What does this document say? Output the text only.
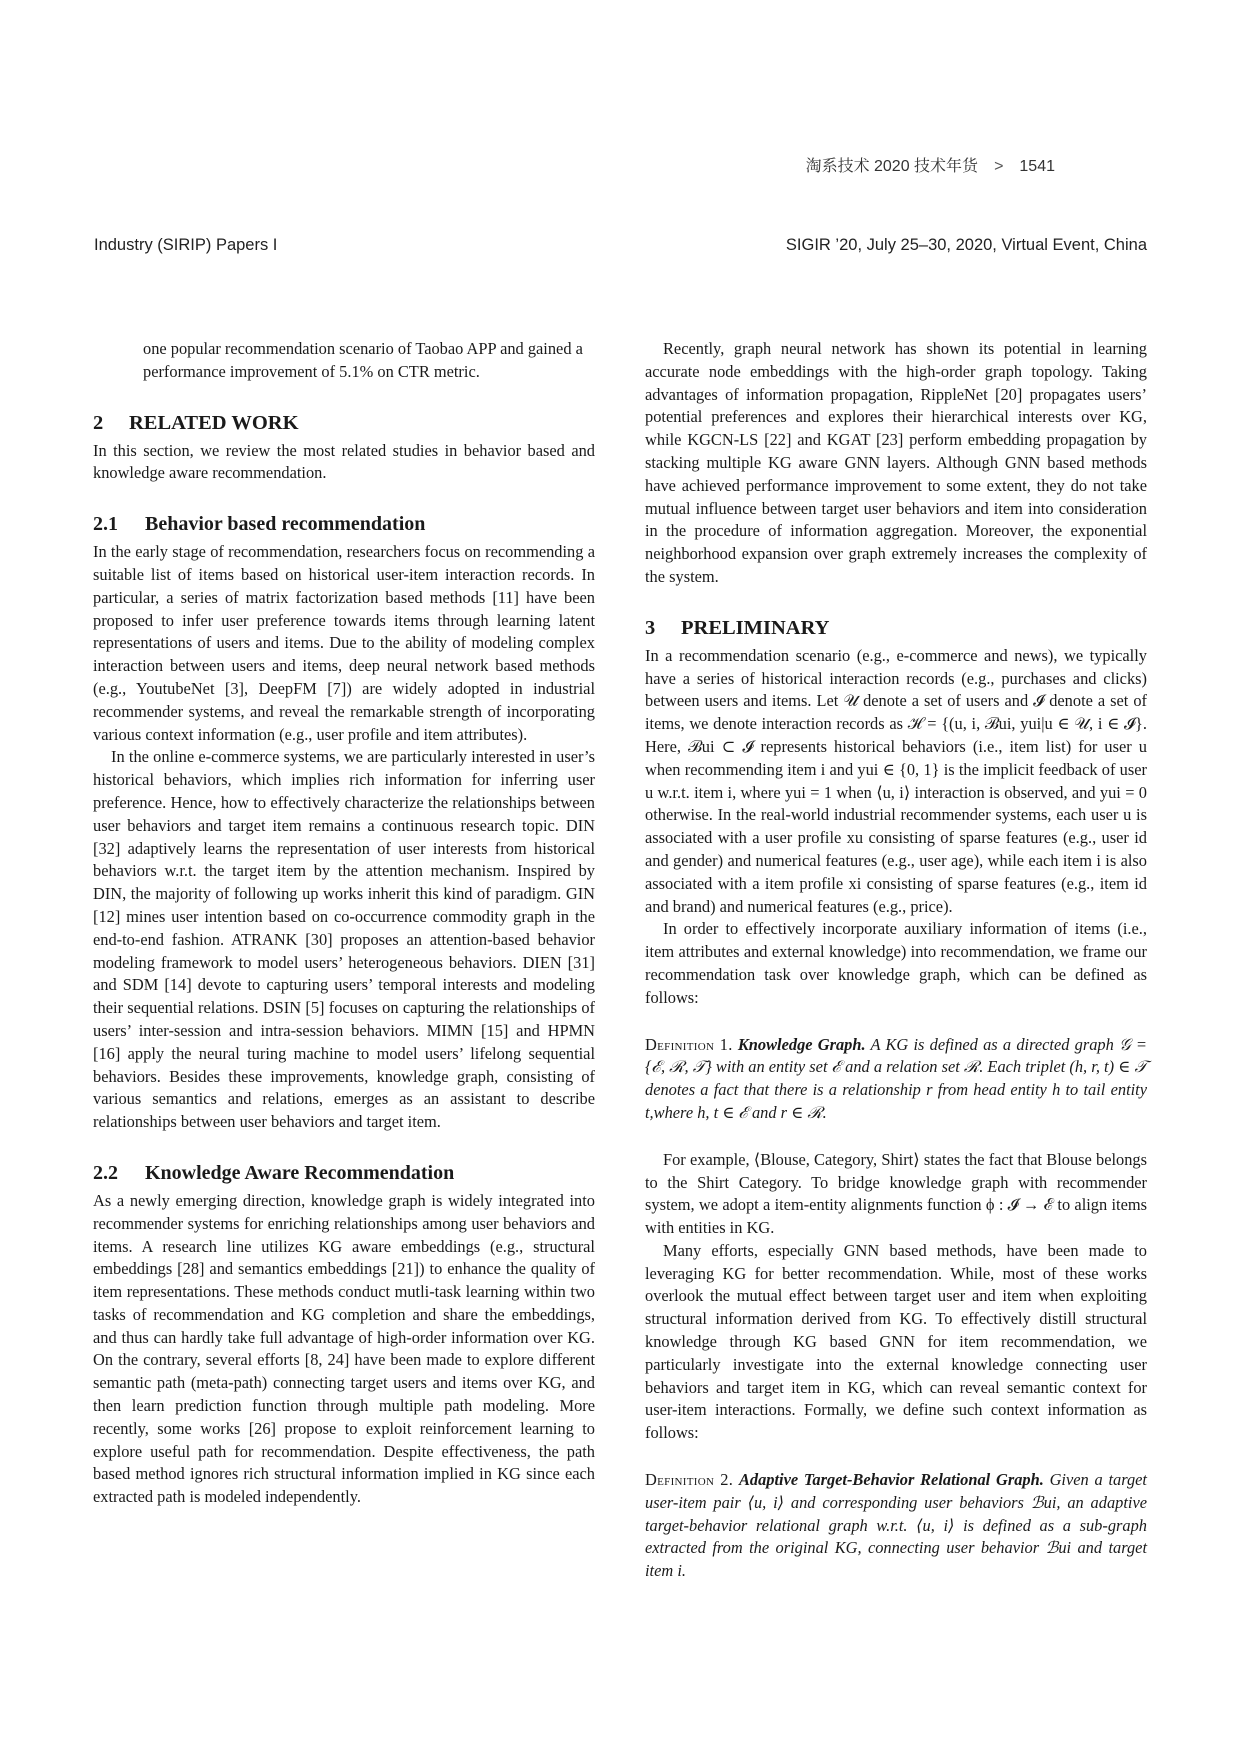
淘系技术 2020 技术年货 > 1541
Industry (SIRIP) Papers I	SIGIR ’20, July 25–30, 2020, Virtual Event, China

one popular recommendation scenario of Taobao APP and gained a performance improvement of 5.1% on CTR metric.

2 RELATED WORK

In this section, we review the most related studies in behavior based and knowledge aware recommendation.

2.1 Behavior based recommendation

In the early stage of recommendation, researchers focus on recommending a suitable list of items based on historical user-item interaction records. In particular, a series of matrix factorization based methods [11] have been proposed to infer user preference towards items through learning latent representations of users and items. Due to the ability of modeling complex interaction between users and items, deep neural network based methods (e.g., YoutubeNet [3], DeepFM [7]) are widely adopted in industrial recommender systems, and reveal the remarkable strength of incorporating various context information (e.g., user profile and item attributes).

In the online e-commerce systems, we are particularly interested in user’s historical behaviors, which implies rich information for inferring user preference. Hence, how to effectively characterize the relationships between user behaviors and target item remains a continuous research topic. DIN [32] adaptively learns the representation of user interests from historical behaviors w.r.t. the target item by the attention mechanism. Inspired by DIN, the majority of following up works inherit this kind of paradigm. GIN [12] mines user intention based on co-occurrence commodity graph in the end-to-end fashion. ATRANK [30] proposes an attention-based behavior modeling framework to model users’ heterogeneous behaviors. DIEN [31] and SDM [14] devote to capturing users’ temporal interests and modeling their sequential relations. DSIN [5] focuses on capturing the relationships of users’ inter-session and intra-session behaviors. MIMN [15] and HPMN [16] apply the neural turing machine to model users’ lifelong sequential behaviors. Besides these improvements, knowledge graph, consisting of various semantics and relations, emerges as an assistant to describe relationships between user behaviors and target item.

2.2 Knowledge Aware Recommendation

As a newly emerging direction, knowledge graph is widely integrated into recommender systems for enriching relationships among user behaviors and items. A research line utilizes KG aware embeddings (e.g., structural embeddings [28] and semantics embeddings [21]) to enhance the quality of item representations. These methods conduct mutli-task learning within two tasks of recommendation and KG completion and share the embeddings, and thus can hardly take full advantage of high-order information over KG. On the contrary, several efforts [8, 24] have been made to explore different semantic path (meta-path) connecting target users and items over KG, and then learn prediction function through multiple path modeling. More recently, some works [26] propose to exploit reinforcement learning to explore useful path for recommendation. Despite effectiveness, the path based method ignores rich structural information implied in KG since each extracted path is modeled independently.

Recently, graph neural network has shown its potential in learning accurate node embeddings with the high-order graph topology. Taking advantages of information propagation, RippleNet [20] propagates users’ potential preferences and explores their hierarchical interests over KG, while KGCN-LS [22] and KGAT [23] perform embedding propagation by stacking multiple KG aware GNN layers. Although GNN based methods have achieved performance improvement to some extent, they do not take mutual influence between target user behaviors and item into consideration in the procedure of information aggregation. Moreover, the exponential neighborhood expansion over graph extremely increases the complexity of the system.

3 PRELIMINARY

In a recommendation scenario (e.g., e-commerce and news), we typically have a series of historical interaction records (e.g., purchases and clicks) between users and items. Let 𝒰 denote a set of users and 𝓘 denote a set of items, we denote interaction records as ℋ = {(u, i, ℬui, yui|u ∈ 𝒰, i ∈ 𝓘}. Here, ℬui ⊂ 𝓘 represents historical behaviors (i.e., item list) for user u when recommending item i and yui ∈ {0, 1} is the implicit feedback of user u w.r.t. item i, where yui = 1 when ⟨u, i⟩ interaction is observed, and yui = 0 otherwise. In the real-world industrial recommender systems, each user u is associated with a user profile xu consisting of sparse features (e.g., user id and gender) and numerical features (e.g., user age), while each item i is also associated with a item profile xi consisting of sparse features (e.g., item id and brand) and numerical features (e.g., price).

In order to effectively incorporate auxiliary information of items (i.e., item attributes and external knowledge) into recommendation, we frame our recommendation task over knowledge graph, which can be defined as follows:

Definition 1. Knowledge Graph. A KG is defined as a directed graph 𝒢 = {ℰ, ℛ, 𝒯} with an entity set ℰ and a relation set ℛ. Each triplet (h, r, t) ∈ 𝒯 denotes a fact that there is a relationship r from head entity h to tail entity t,where h, t ∈ ℰ and r ∈ ℛ.

For example, ⟨Blouse, Category, Shirt⟩ states the fact that Blouse belongs to the Shirt Category. To bridge knowledge graph with recommender system, we adopt a item-entity alignments function ϕ : 𝓘 → ℰ to align items with entities in KG.

Many efforts, especially GNN based methods, have been made to leveraging KG for better recommendation. While, most of these works overlook the mutual effect between target user and item when exploiting structural information derived from KG. To effectively distill structural knowledge through KG based GNN for item recommendation, we particularly investigate into the external knowledge connecting user behaviors and target item in KG, which can reveal semantic context for user-item interactions. Formally, we define such context information as follows:

Definition 2. Adaptive Target-Behavior Relational Graph. Given a target user-item pair ⟨u, i⟩ and corresponding user behaviors ℬui, an adaptive target-behavior relational graph w.r.t. ⟨u, i⟩ is defined as a sub-graph extracted from the original KG, connecting user behavior ℬui and target item i.
